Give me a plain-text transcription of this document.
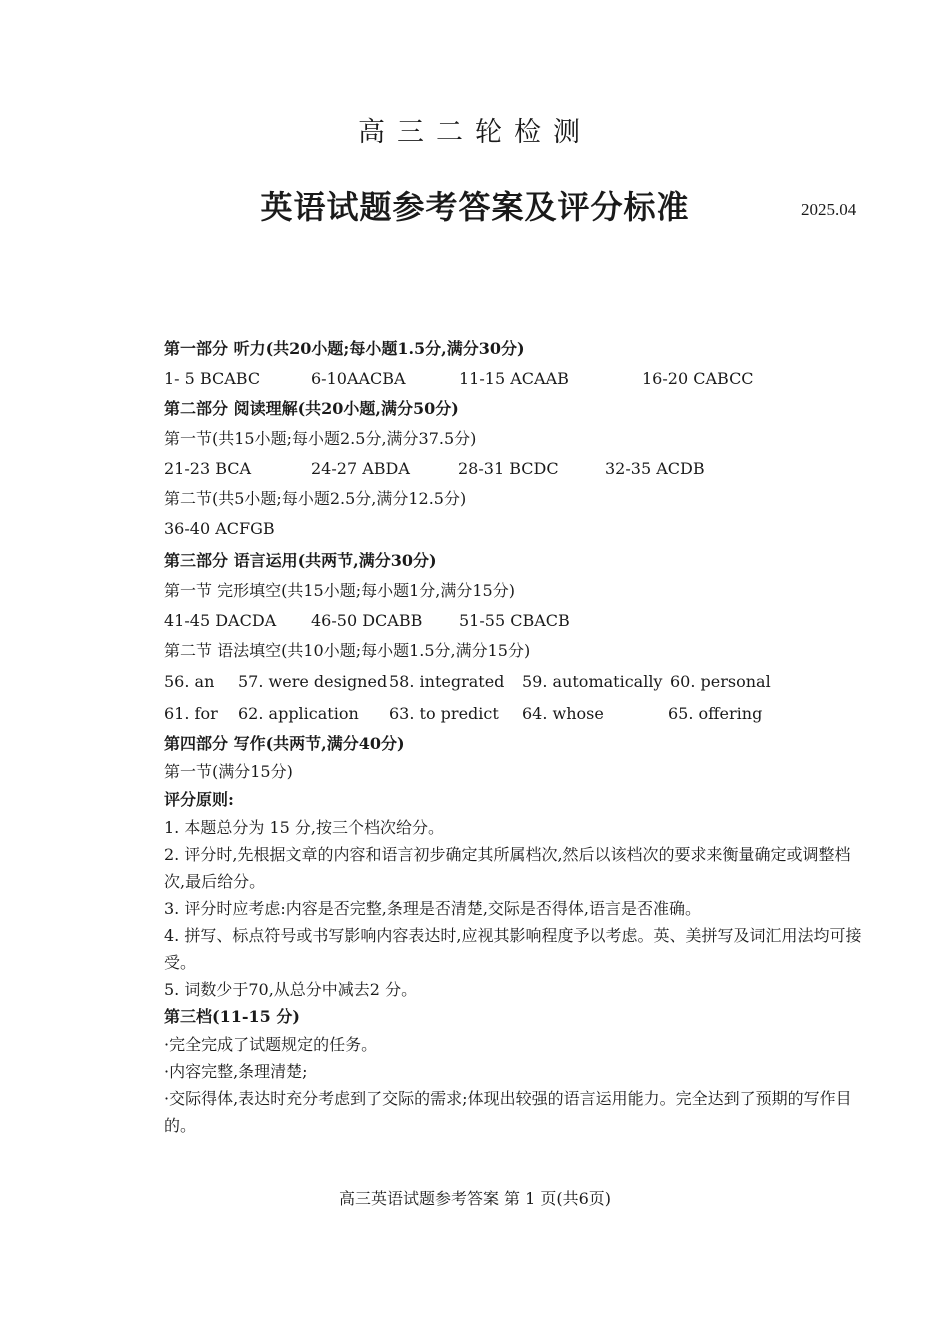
高三二轮检测
英语试题参考答案及评分标准	2025.04
第一部分 听力(共20小题;每小题1.5分,满分30分)
1- 5 BCABC	6-10AACBA	11-15 ACAAB	16-20 CABCC
第二部分 阅读理解(共20小题,满分50分)
第一节(共15小题;每小题2.5分,满分37.5分)
21-23 BCA	24-27 ABDA	28-31 BCDC	32-35 ACDB
第二节(共5小题;每小题2.5分,满分12.5分)
36-40 ACFGB
第三部分 语言运用(共两节,满分30分)
第一节 完形填空(共15小题;每小题1分,满分15分)
41-45 DACDA 46-50 DCABB 51-55 CBACB
第二节 语法填空(共10小题;每小题1.5分,满分15分)
56. an 57. were designed 58. integrated 59. automatically 60. personal
61. for 62. application 63. to predict 64. whose	65. offering
第四部分 写作(共两节,满分40分)
第一节(满分15分)
评分原则:
1. 本题总分为 15 分,按三个档次给分。
2. 评分时,先根据文章的内容和语言初步确定其所属档次,然后以该档次的要求来衡量确定或调整档次,最后给分。
3. 评分时应考虑:内容是否完整,条理是否清楚,交际是否得体,语言是否准确。
4. 拼写、标点符号或书写影响内容表达时,应视其影响程度予以考虑。英、美拼写及词汇用法均可接受。
5. 词数少于70,从总分中减去2 分。
第三档(11-15 分)
·完全完成了试题规定的任务。
·内容完整,条理清楚;
·交际得体,表达时充分考虑到了交际的需求;体现出较强的语言运用能力。完全达到了预期的写作目的。
高三英语试题参考答案 第 1 页(共6页)
